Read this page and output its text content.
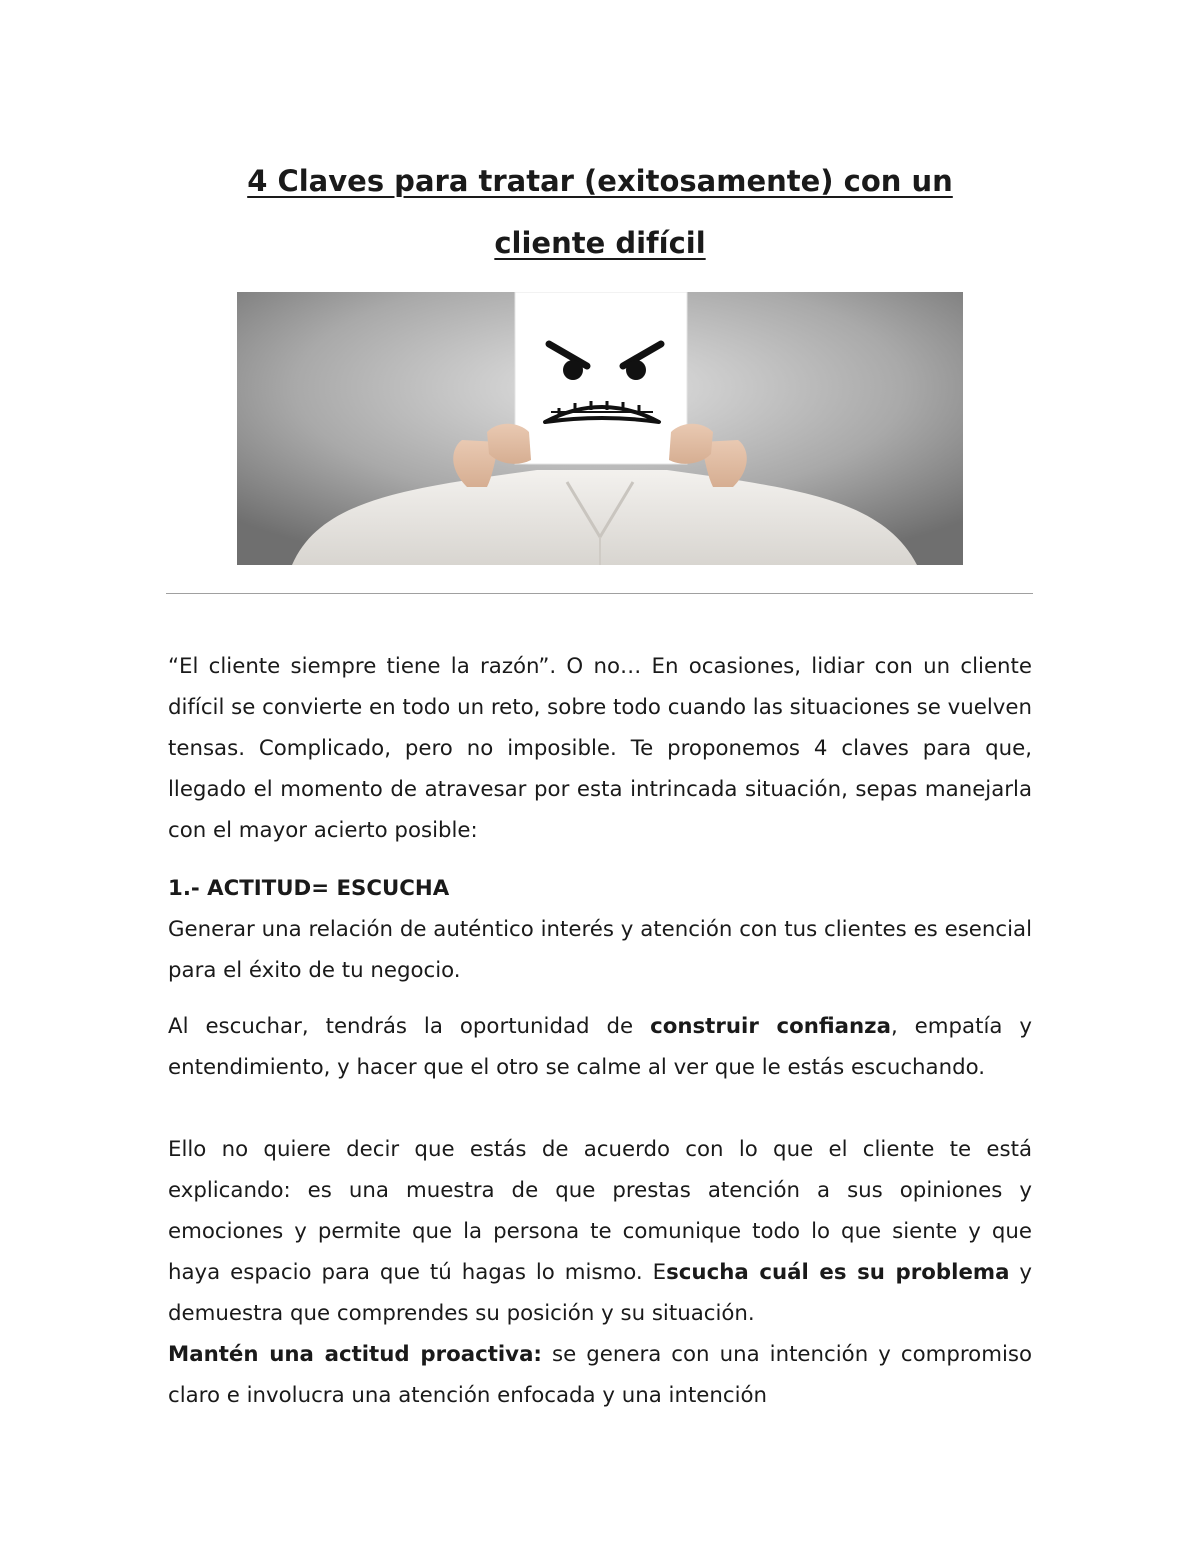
4 Claves para tratar (exitosamente) con un
cliente difícil

“El cliente siempre tiene la razón”. O no… En ocasiones, lidiar con un cliente difícil se convierte en todo un reto, sobre todo cuando las situaciones se vuelven tensas. Complicado, pero no imposible. Te proponemos 4 claves para que, llegado el momento de atravesar por esta intrincada situación, sepas manejarla con el mayor acierto posible:

1.- ACTITUD= ESCUCHA

Generar una relación de auténtico interés y atención con tus clientes es esencial para el éxito de tu negocio.

Al escuchar, tendrás la oportunidad de construir confianza, empatía y entendimiento, y hacer que el otro se calme al ver que le estás escuchando.

Ello no quiere decir que estás de acuerdo con lo que el cliente te está explicando: es una muestra de que prestas atención a sus opiniones y emociones y permite que la persona te comunique todo lo que siente y que haya espacio para que tú hagas lo mismo. Escucha cuál es su problema y demuestra que comprendes su posición y su situación.

Mantén una actitud proactiva: se genera con una intención y compromiso claro e involucra una atención enfocada y una intención
